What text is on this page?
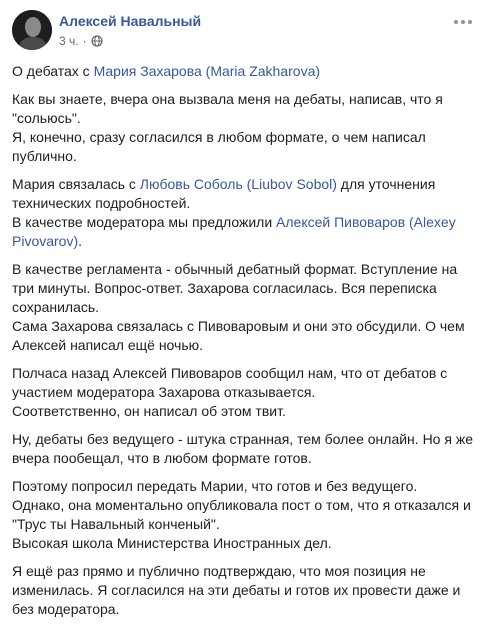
Алексей Навальный
3 ч. ·

О дебатах с Мария Захарова (Maria Zakharova)

Как вы знаете, вчера она вызвала меня на дебаты, написав, что я "сольюсь".
Я, конечно, сразу согласился в любом формате, о чем написал публично.

Мария связалась с Любовь Соболь (Liubov Sobol) для уточнения технических подробностей.
В качестве модератора мы предложили Алексей Пивоваров (Alexey Pivovarov).

В качестве регламента - обычный дебатный формат. Вступление на три минуты. Вопрос-ответ. Захарова согласилась. Вся переписка сохранилась.
Сама Захарова связалась с Пивоваровым и они это обсудили. О чем Алексей написал ещё ночью.

Полчаса назад Алексей Пивоваров сообщил нам, что от дебатов с участием модератора Захарова отказывается.
Соответственно, он написал об этом твит.

Ну, дебаты без ведущего - штука странная, тем более онлайн. Но я же вчера пообещал, что в любом формате готов.

Поэтому попросил передать Марии, что готов и без ведущего.
Однако, она моментально опубликовала пост о том, что я отказался и "Трус ты Навальный конченый".
Высокая школа Министерства Иностранных дел.

Я ещё раз прямо и публично подтверждаю, что моя позиция не изменилась. Я согласился на эти дебаты и готов их провести даже и без модератора.
